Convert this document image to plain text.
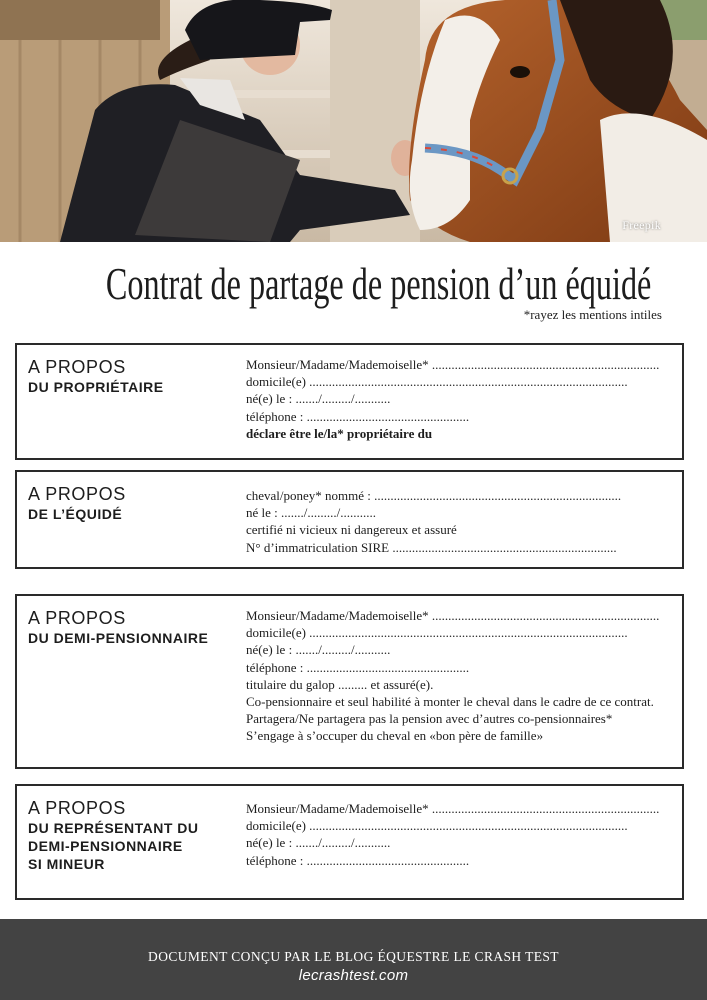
Freepik
Contrat de partage de pension d’un équidé
*rayez les mentions intiles
A PROPOS
DU PROPRIÉTAIRE
Monsieur/Madame/Mademoiselle* ......................................................................
domicile(e) ..................................................................................................
né(e) le : ......./........./...........
téléphone : ..................................................
déclare être le/la* propriétaire du
A PROPOS
DE L’ÉQUIDÉ
cheval/poney* nommé : ............................................................................
né le : ......./........./...........
certifié ni vicieux ni dangereux et assuré
N° d’immatriculation SIRE .....................................................................
A PROPOS
DU DEMI-PENSIONNAIRE
Monsieur/Madame/Mademoiselle* ......................................................................
domicile(e) ..................................................................................................
né(e) le : ......./........./...........
téléphone : ..................................................
titulaire du galop ......... et assuré(e).
Co-pensionnaire et seul habilité à monter le cheval dans le cadre de ce contrat.
Partagera/Ne partagera pas la pension avec d’autres co-pensionnaires*
S’engage à s’occuper du cheval en «bon père de famille»
A PROPOS
DU REPRÉSENTANT DU
DEMI-PENSIONNAIRE
SI MINEUR
Monsieur/Madame/Mademoiselle* ......................................................................
domicile(e) ..................................................................................................
né(e) le : ......./........./...........
téléphone : ..................................................
DOCUMENT CONÇU PAR LE BLOG ÉQUESTRE LE CRASH TEST
lecrashtest.com
